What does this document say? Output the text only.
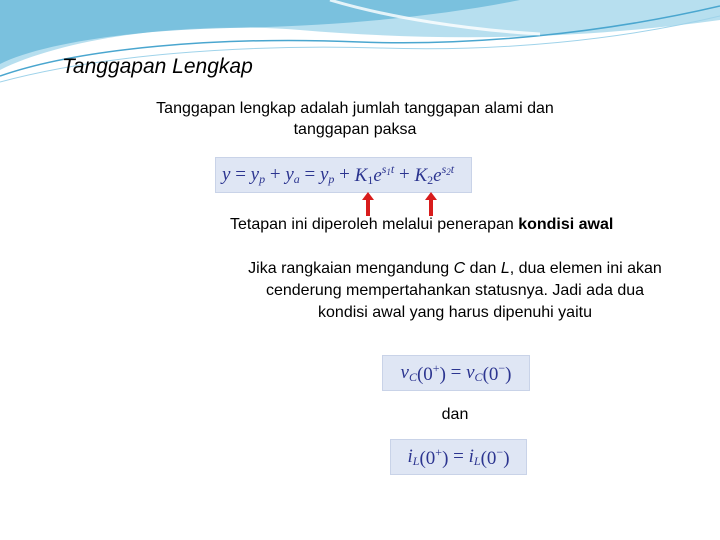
Tanggapan Lengkap

Tanggapan lengkap adalah jumlah tanggapan alami dan tanggapan paksa

y
=
$y_p$
+
$y_a$
=
$y_p$
+
$K_1e^{s_1t}$
+
$K_2e^{s_2t}$

Tetapan ini diperoleh melalui penerapan kondisi awal

Jika rangkaian mengandung C dan L, dua elemen ini akan cenderung mempertahankan statusnya. Jadi ada dua kondisi awal yang harus dipenuhi yaitu

$v_C$ (0+)
=
$v_C$ (0−)

dan

$i_L$ (0+)
=
$i_L$ (0−)
